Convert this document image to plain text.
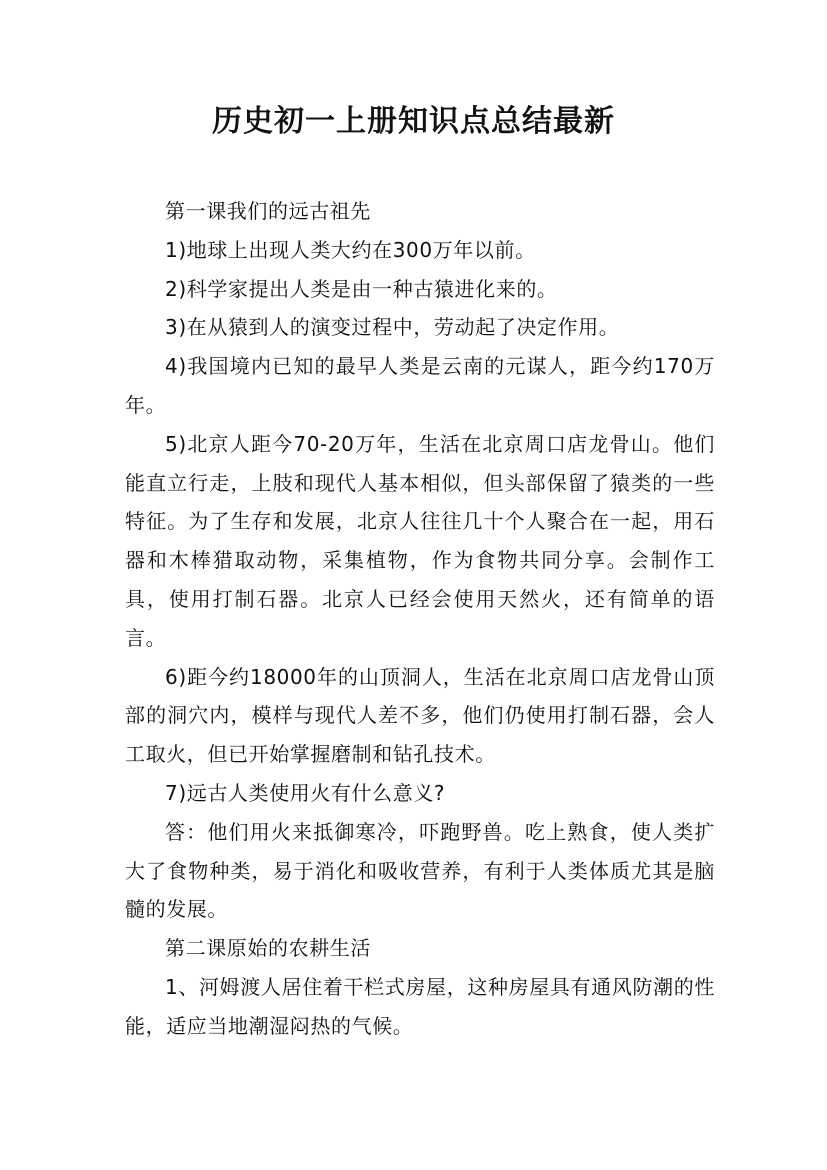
历史初一上册知识点总结最新

第一课我们的远古祖先

1)地球上出现人类大约在300万年以前。

2)科学家提出人类是由一种古猿进化来的。

3)在从猿到人的演变过程中，劳动起了决定作用。

4)我国境内已知的最早人类是云南的元谋人，距今约170万年。

5)北京人距今70-20万年，生活在北京周口店龙骨山。他们能直立行走，上肢和现代人基本相似，但头部保留了猿类的一些特征。为了生存和发展，北京人往往几十个人聚合在一起，用石器和木棒猎取动物，采集植物，作为食物共同分享。会制作工具，使用打制石器。北京人已经会使用天然火，还有简单的语言。

6)距今约18000年的山顶洞人，生活在北京周口店龙骨山顶部的洞穴内，模样与现代人差不多，他们仍使用打制石器，会人工取火，但已开始掌握磨制和钻孔技术。

7)远古人类使用火有什么意义?

答：他们用火来抵御寒冷，吓跑野兽。吃上熟食，使人类扩大了食物种类，易于消化和吸收营养，有利于人类体质尤其是脑髓的发展。

第二课原始的农耕生活

1、河姆渡人居住着干栏式房屋，这种房屋具有通风防潮的性能，适应当地潮湿闷热的气候。
